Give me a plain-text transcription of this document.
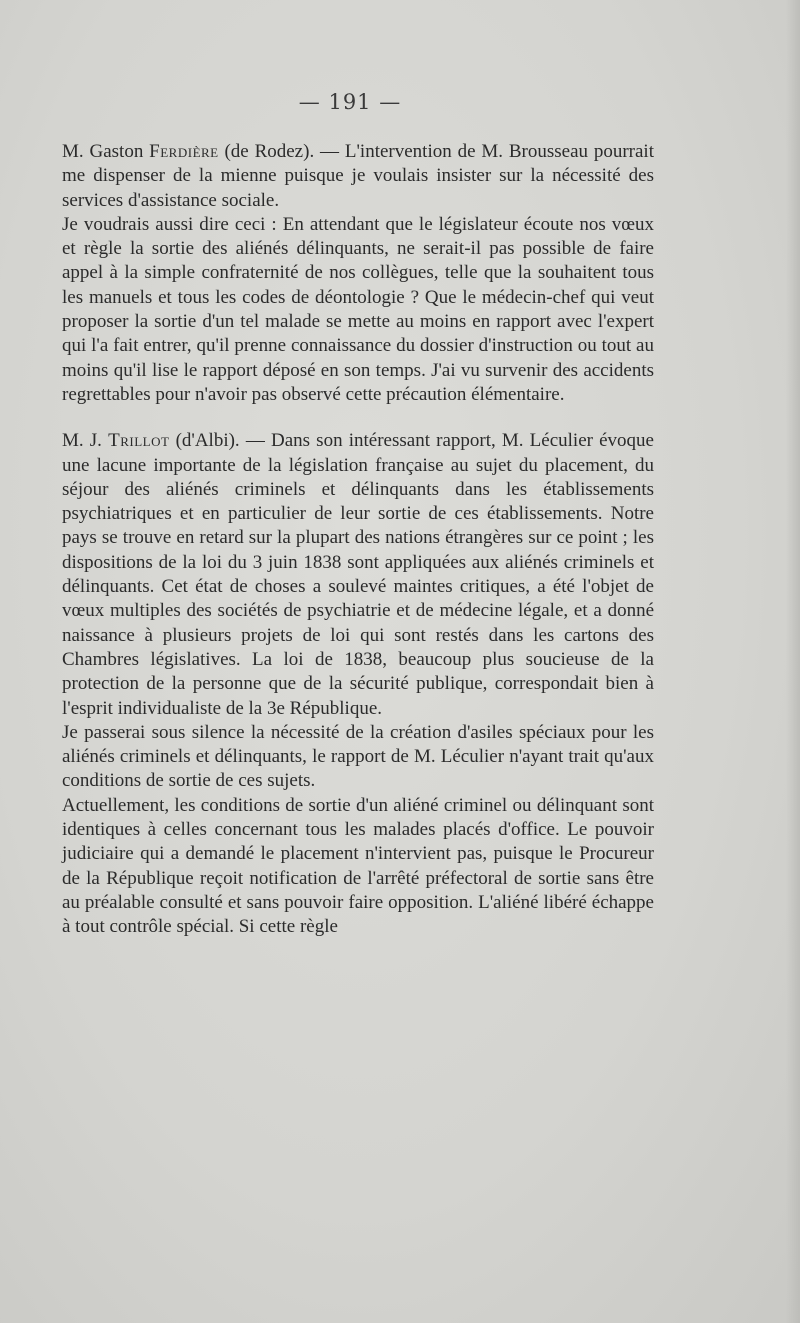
— 191 —

M. Gaston Ferdière (de Rodez). — L'intervention de M. Brousseau pourrait me dispenser de la mienne puisque je voulais insister sur la nécessité des services d'assistance sociale.

Je voudrais aussi dire ceci : En attendant que le législateur écoute nos vœux et règle la sortie des aliénés délinquants, ne serait-il pas possible de faire appel à la simple confraternité de nos collègues, telle que la souhaitent tous les manuels et tous les codes de déontologie ? Que le médecin-chef qui veut proposer la sortie d'un tel malade se mette au moins en rapport avec l'expert qui l'a fait entrer, qu'il prenne connaissance du dossier d'instruction ou tout au moins qu'il lise le rapport déposé en son temps. J'ai vu survenir des accidents regrettables pour n'avoir pas observé cette précaution élémentaire.

M. J. Trillot (d'Albi). — Dans son intéressant rapport, M. Léculier évoque une lacune importante de la législation française au sujet du placement, du séjour des aliénés criminels et délinquants dans les établissements psychiatriques et en particulier de leur sortie de ces établissements. Notre pays se trouve en retard sur la plupart des nations étrangères sur ce point ; les dispositions de la loi du 3 juin 1838 sont appliquées aux aliénés criminels et délinquants. Cet état de choses a soulevé maintes critiques, a été l'objet de vœux multiples des sociétés de psychiatrie et de médecine légale, et a donné naissance à plusieurs projets de loi qui sont restés dans les cartons des Chambres législatives. La loi de 1838, beaucoup plus soucieuse de la protection de la personne que de la sécurité publique, correspondait bien à l'esprit individualiste de la 3e République.

Je passerai sous silence la nécessité de la création d'asiles spéciaux pour les aliénés criminels et délinquants, le rapport de M. Léculier n'ayant trait qu'aux conditions de sortie de ces sujets.

Actuellement, les conditions de sortie d'un aliéné criminel ou délinquant sont identiques à celles concernant tous les malades placés d'office. Le pouvoir judiciaire qui a demandé le placement n'intervient pas, puisque le Procureur de la République reçoit notification de l'arrêté préfectoral de sortie sans être au préalable consulté et sans pouvoir faire opposition. L'aliéné libéré échappe à tout contrôle spécial. Si cette règle
